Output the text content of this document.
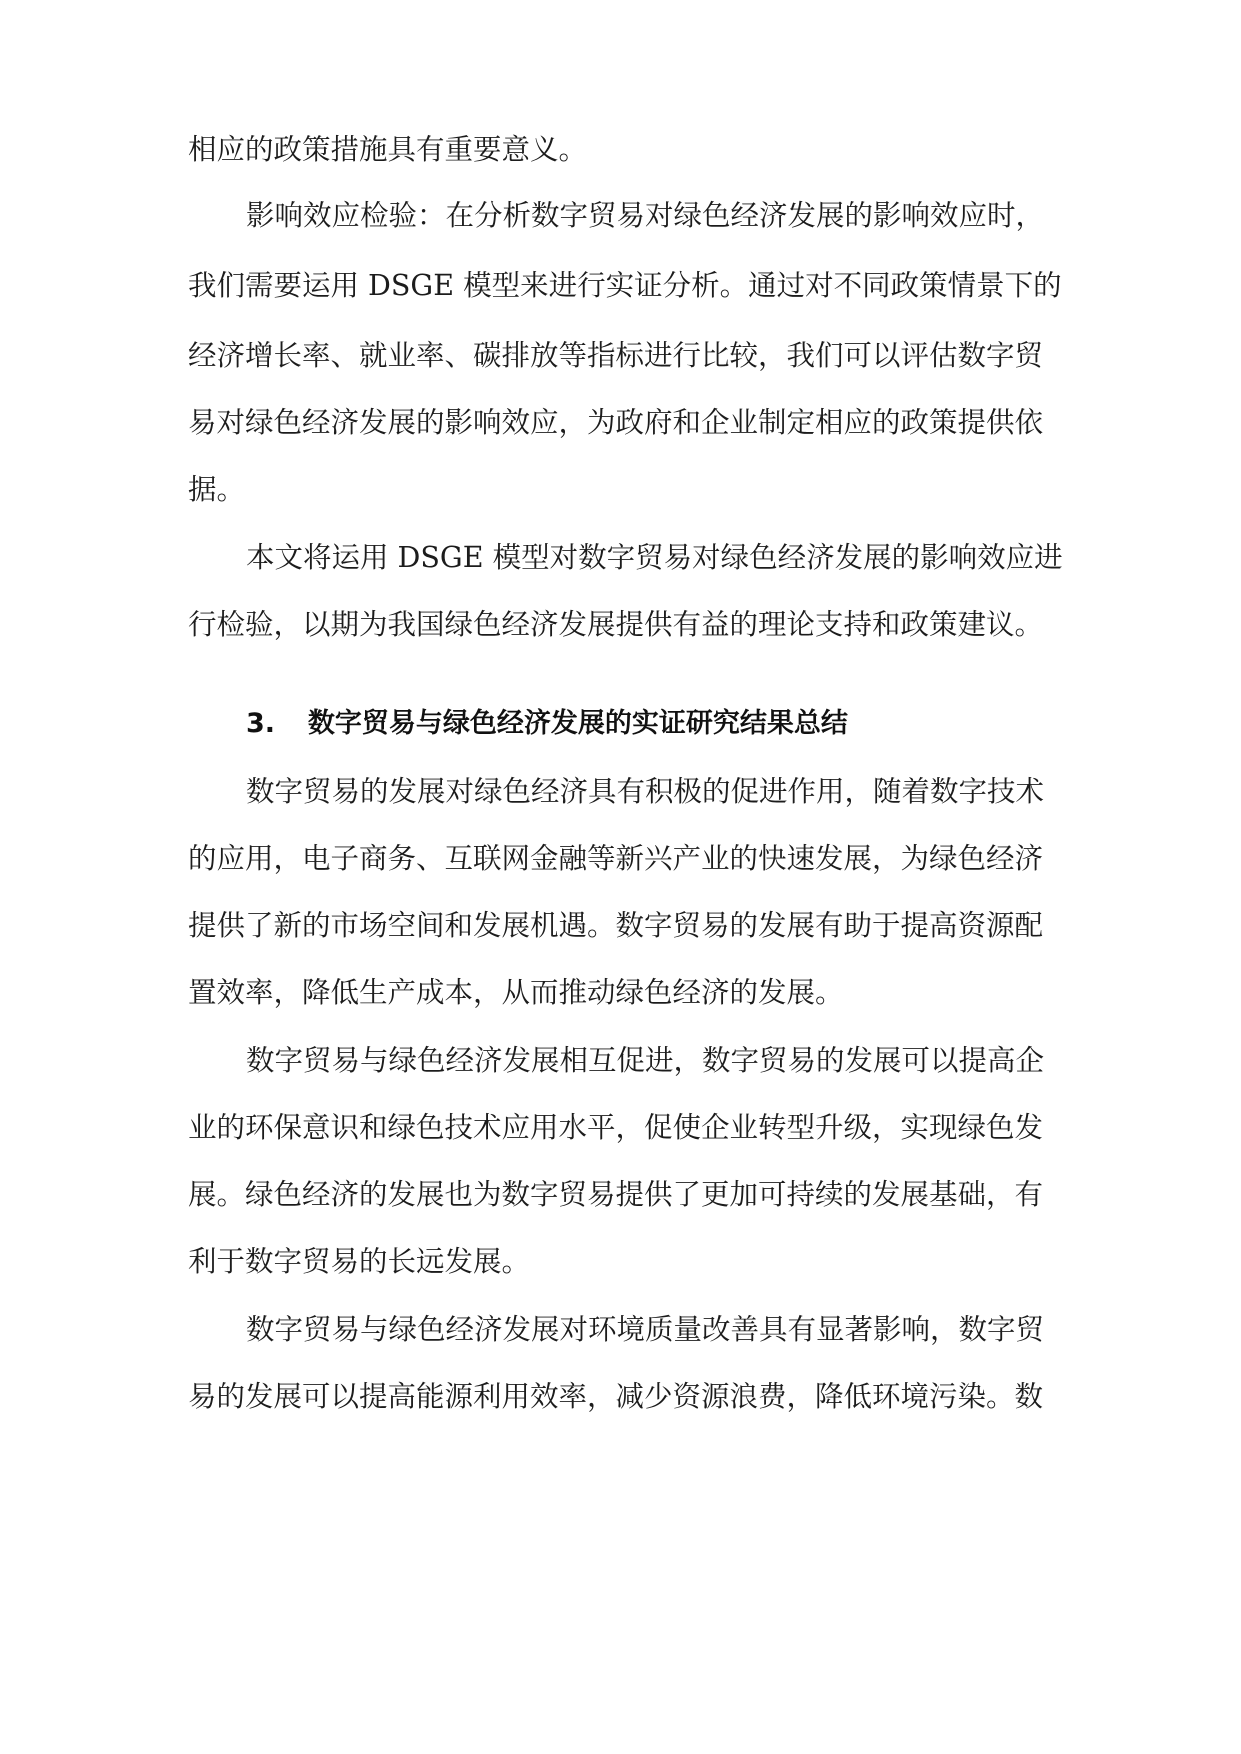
相应的政策措施具有重要意义。
影响效应检验：在分析数字贸易对绿色经济发展的影响效应时，
我们需要运用 DSGE 模型来进行实证分析。通过对不同政策情景下的
经济增长率、就业率、碳排放等指标进行比较，我们可以评估数字贸
易对绿色经济发展的影响效应，为政府和企业制定相应的政策提供依
据。
本文将运用 DSGE 模型对数字贸易对绿色经济发展的影响效应进
行检验，以期为我国绿色经济发展提供有益的理论支持和政策建议。
3. 数字贸易与绿色经济发展的实证研究结果总结
数字贸易的发展对绿色经济具有积极的促进作用，随着数字技术
的应用，电子商务、互联网金融等新兴产业的快速发展，为绿色经济
提供了新的市场空间和发展机遇。数字贸易的发展有助于提高资源配
置效率，降低生产成本，从而推动绿色经济的发展。
数字贸易与绿色经济发展相互促进，数字贸易的发展可以提高企
业的环保意识和绿色技术应用水平，促使企业转型升级，实现绿色发
展。绿色经济的发展也为数字贸易提供了更加可持续的发展基础，有
利于数字贸易的长远发展。
数字贸易与绿色经济发展对环境质量改善具有显著影响，数字贸
易的发展可以提高能源利用效率，减少资源浪费，降低环境污染。数
